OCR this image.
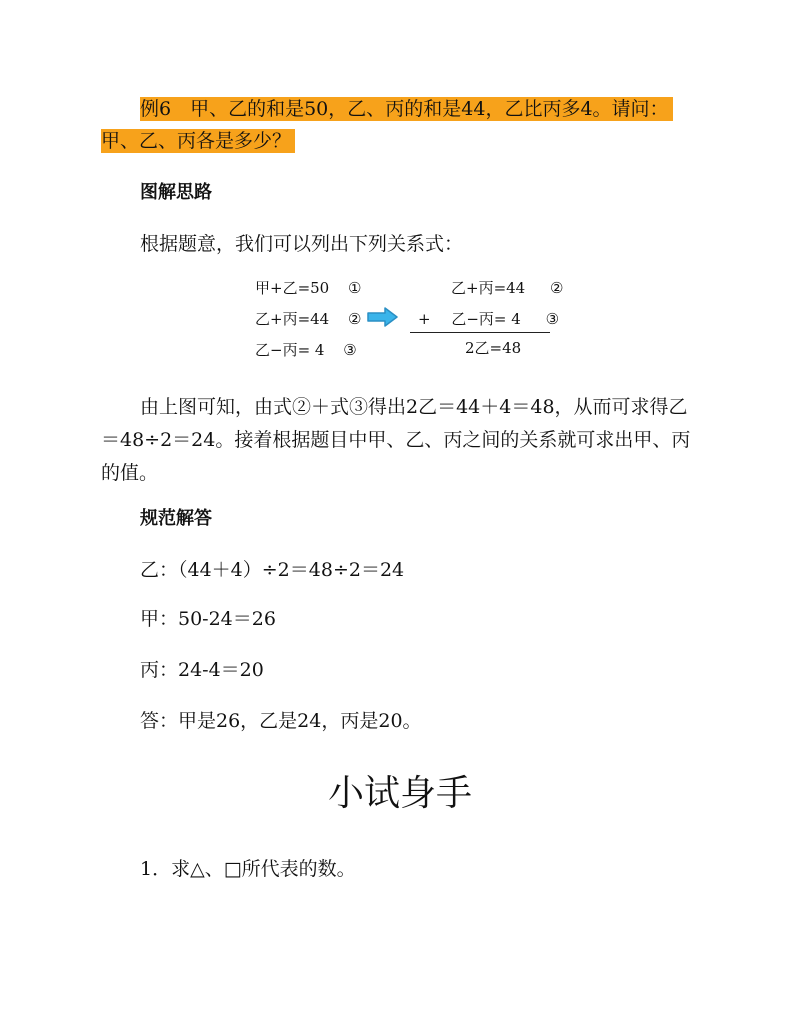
例6　甲、乙的和是50，乙、丙的和是44，乙比丙多4。请问：
甲、乙、丙各是多少？
图解思路
根据题意，我们可以列出下列关系式：
甲+乙=50 ①
乙+丙=44 ②
乙−丙= 4 ③
乙+丙=44 ②
+ 乙−丙= 4 ③
2乙=48
由上图可知，由式②＋式③得出2乙＝44＋4＝48，从而可求得乙
＝48÷2＝24。接着根据题目中甲、乙、丙之间的关系就可求出甲、丙
的值。
规范解答
乙：（44＋4）÷2＝48÷2＝24
甲：50-24＝26
丙：24-4＝20
答：甲是26，乙是24，丙是20。
小试身手
1．求△、□所代表的数。
